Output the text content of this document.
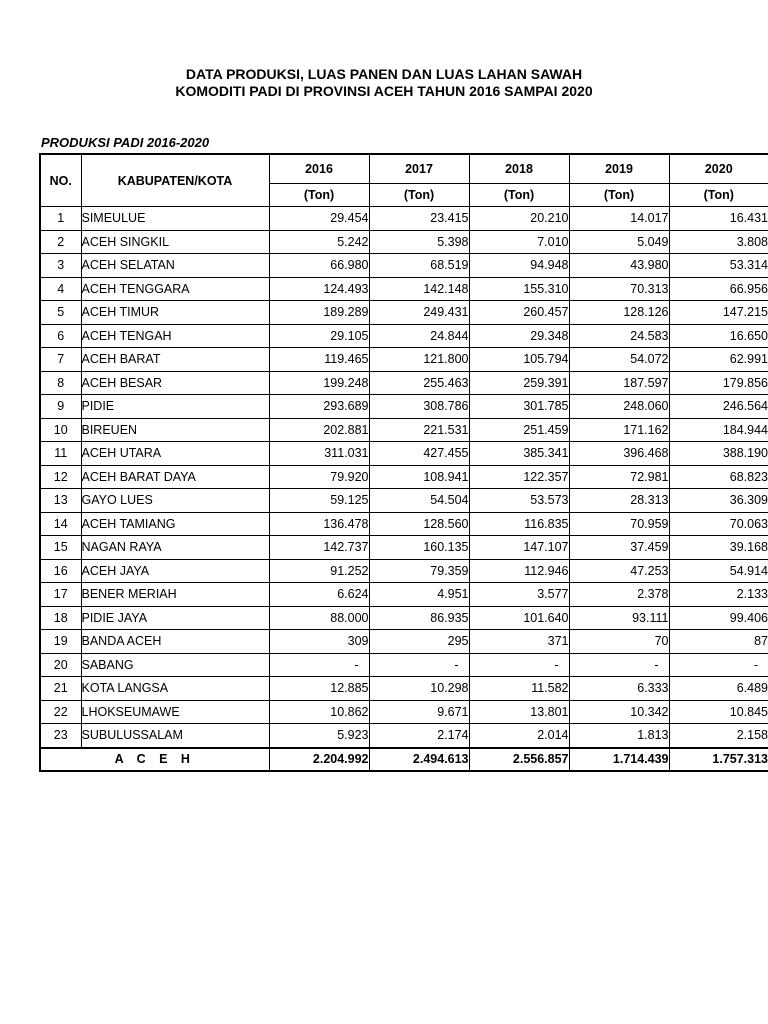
DATA PRODUKSI, LUAS PANEN DAN LUAS LAHAN SAWAH
KOMODITI PADI DI PROVINSI ACEH TAHUN 2016 SAMPAI 2020
PRODUKSI PADI 2016-2020
NO.	KABUPATEN/KOTA	2016	2017	2018	2019	2020
		(Ton)	(Ton)	(Ton)	(Ton)	(Ton)
1	SIMEULUE	29.454	23.415	20.210	14.017	16.431
2	ACEH SINGKIL	5.242	5.398	7.010	5.049	3.808
3	ACEH SELATAN	66.980	68.519	94.948	43.980	53.314
4	ACEH TENGGARA	124.493	142.148	155.310	70.313	66.956
5	ACEH TIMUR	189.289	249.431	260.457	128.126	147.215
6	ACEH TENGAH	29.105	24.844	29.348	24.583	16.650
7	ACEH BARAT	119.465	121.800	105.794	54.072	62.991
8	ACEH BESAR	199.248	255.463	259.391	187.597	179.856
9	PIDIE	293.689	308.786	301.785	248.060	246.564
10	BIREUEN	202.881	221.531	251.459	171.162	184.944
11	ACEH UTARA	311.031	427.455	385.341	396.468	388.190
12	ACEH BARAT DAYA	79.920	108.941	122.357	72.981	68.823
13	GAYO LUES	59.125	54.504	53.573	28.313	36.309
14	ACEH TAMIANG	136.478	128.560	116.835	70.959	70.063
15	NAGAN RAYA	142.737	160.135	147.107	37.459	39.168
16	ACEH JAYA	91.252	79.359	112.946	47.253	54.914
17	BENER MERIAH	6.624	4.951	3.577	2.378	2.133
18	PIDIE JAYA	88.000	86.935	101.640	93.111	99.406
19	BANDA ACEH	309	295	371	70	87
20	SABANG	-	-	-	-	-
21	KOTA LANGSA	12.885	10.298	11.582	6.333	6.489
22	LHOKSEUMAWE	10.862	9.671	13.801	10.342	10.845
23	SUBULUSSALAM	5.923	2.174	2.014	1.813	2.158
A C E H		2.204.992	2.494.613	2.556.857	1.714.439	1.757.313
